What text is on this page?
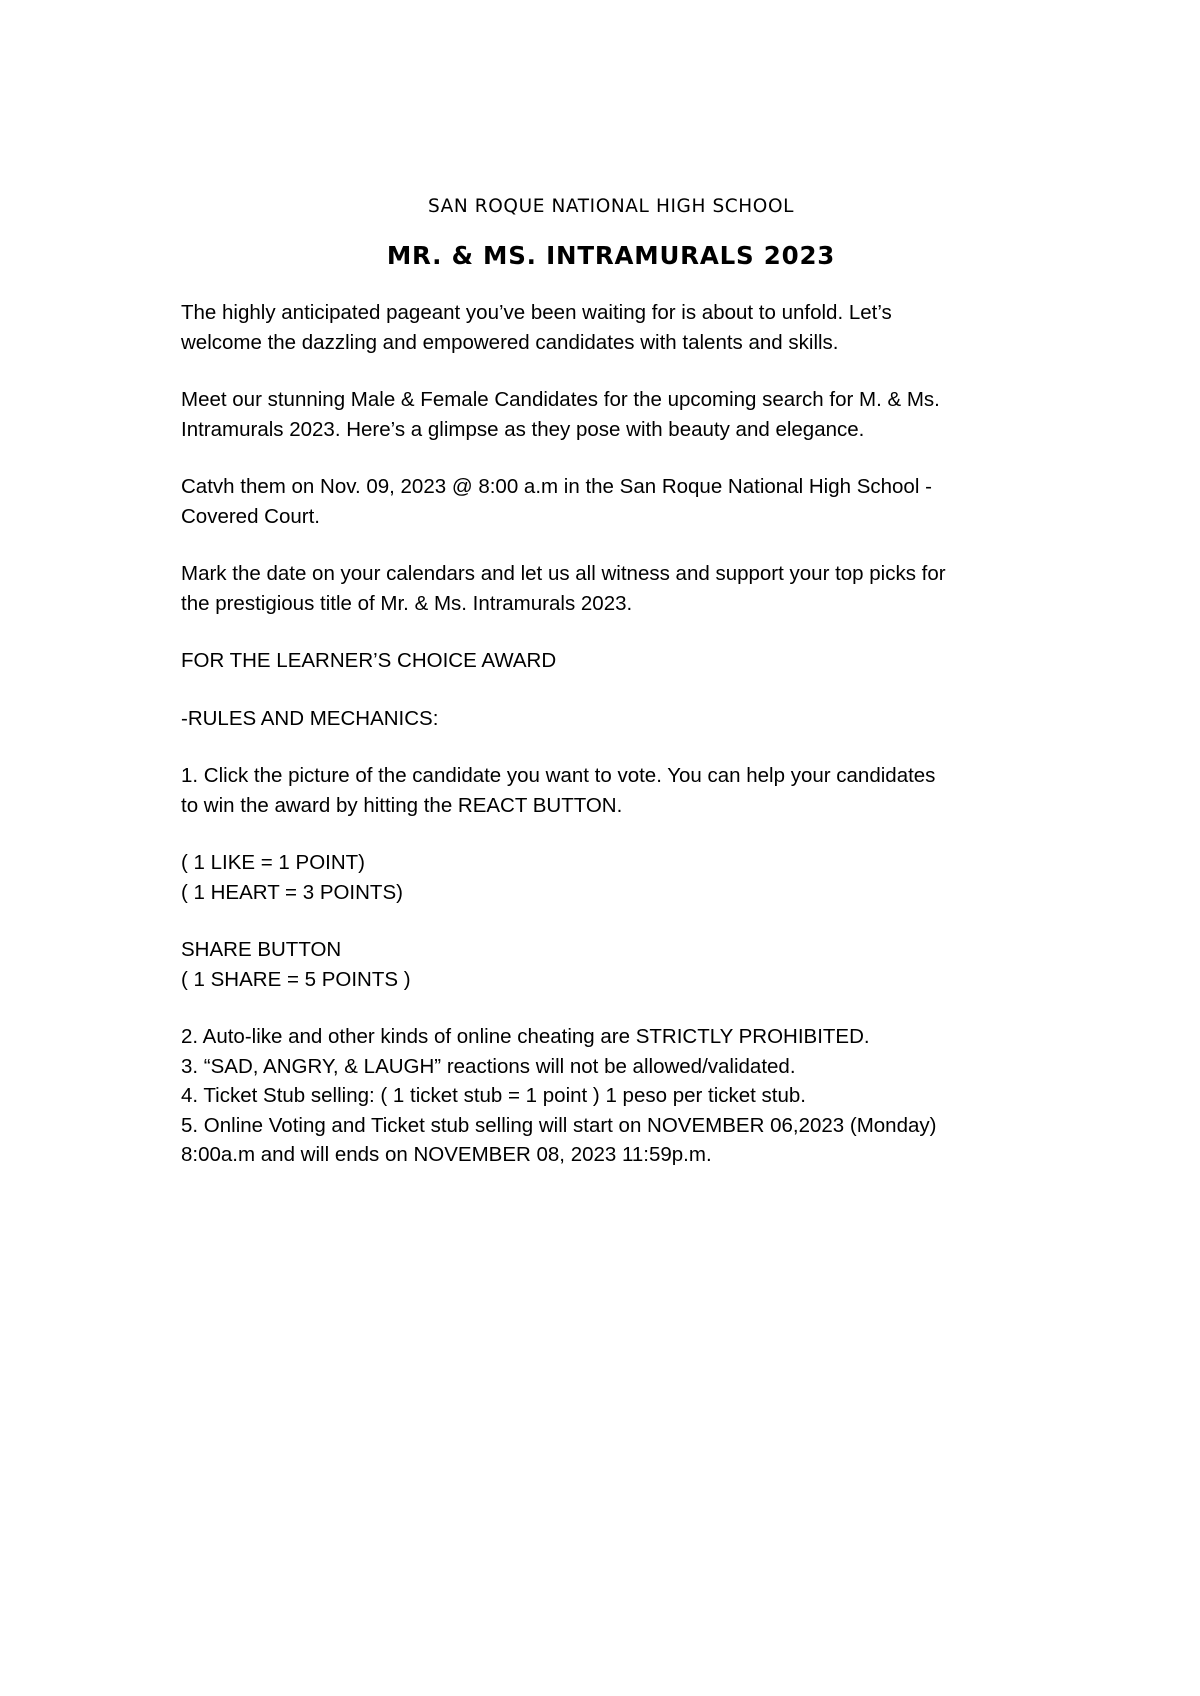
SAN ROQUE NATIONAL HIGH SCHOOL

MR. & MS. INTRAMURALS 2023

The highly anticipated pageant you’ve been waiting for is about to unfold. Let’s
welcome the dazzling and empowered candidates with talents and skills.

Meet our stunning Male & Female Candidates for the upcoming search for M. & Ms.
Intramurals 2023. Here’s a glimpse as they pose with beauty and elegance.

Catvh them on Nov. 09, 2023 @ 8:00 a.m in the San Roque National High School -
Covered Court.

Mark the date on your calendars and let us all witness and support your top picks for
the prestigious title of Mr. & Ms. Intramurals 2023.

FOR THE LEARNER’S CHOICE AWARD

-RULES AND MECHANICS:

1. Click the picture of the candidate you want to vote. You can help your candidates
to win the award by hitting the REACT BUTTON.

( 1 LIKE = 1 POINT)
( 1 HEART = 3 POINTS)

SHARE BUTTON
( 1 SHARE = 5 POINTS )

2. Auto-like and other kinds of online cheating are STRICTLY PROHIBITED.
3. “SAD, ANGRY, & LAUGH” reactions will not be allowed/validated.
4. Ticket Stub selling: ( 1 ticket stub = 1 point ) 1 peso per ticket stub.
5. Online Voting and Ticket stub selling will start on NOVEMBER 06,2023 (Monday)
8:00a.m and will ends on NOVEMBER 08, 2023 11:59p.m.
